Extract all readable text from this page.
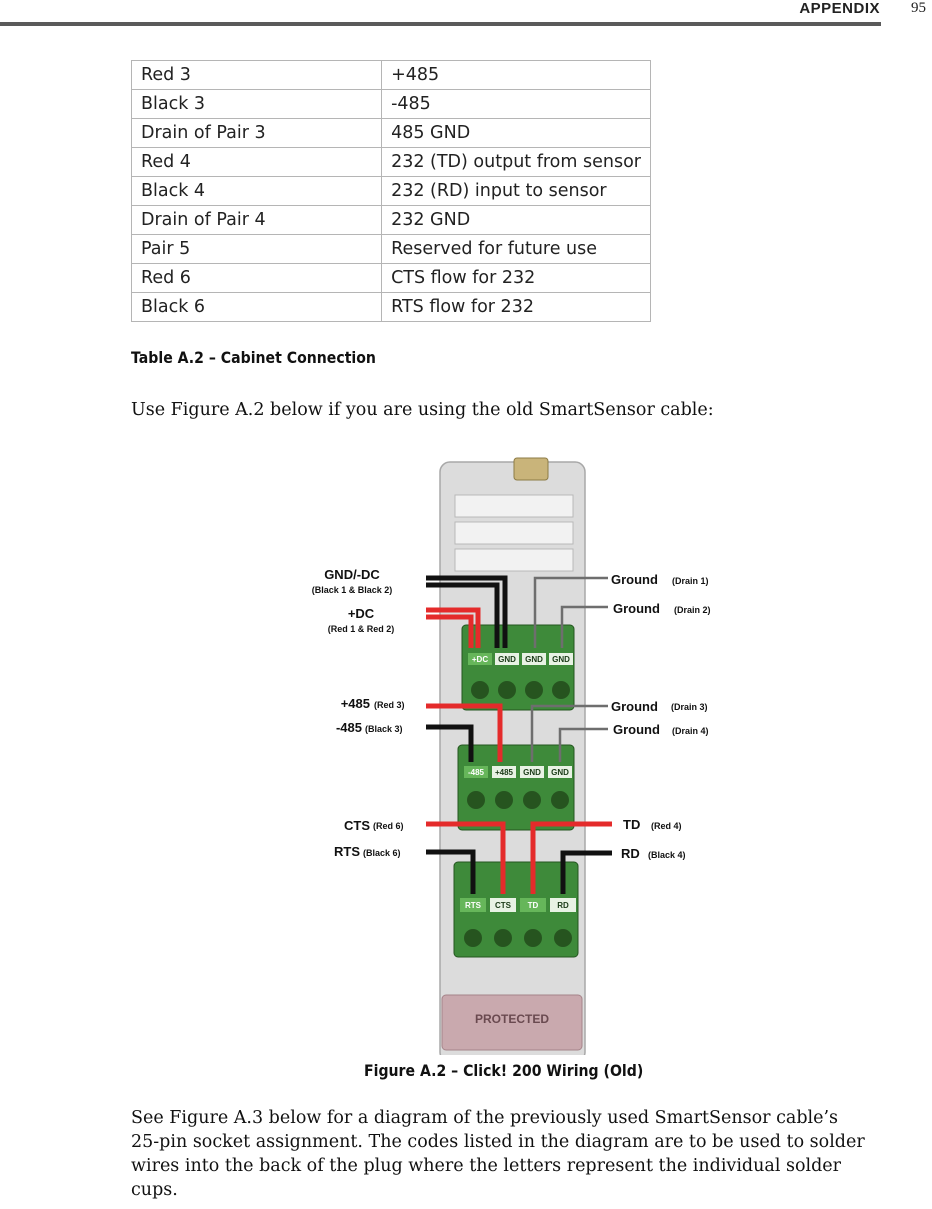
APPENDIX 95
Red 3	+485
Black 3	-485
Drain of Pair 3	485 GND
Red 4	232 (TD) output from sensor
Black 4	232 (RD) input to sensor
Drain of Pair 4	232 GND
Pair 5	Reserved for future use
Red 6	CTS flow for 232
Black 6	RTS flow for 232
Table A.2 – Cabinet Connection
Use Figure A.2 below if you are using the old SmartSensor cable:
+DC GND GND GND
-485 +485 GND GND
RTS CTS TD RD
PROTECTED
GND/-DC
(Black 1 & Black 2)
+DC
(Red 1 & Red 2)
+485 (Red 3)
-485 (Black 3)
CTS (Red 6)
RTS (Black 6)
Ground (Drain 1)
Ground (Drain 2)
Ground (Drain 3)
Ground (Drain 4)
TD (Red 4)
RD (Black 4)
Figure A.2 – Click! 200 Wiring (Old)
See Figure A.3 below for a diagram of the previously used SmartSensor cable’s 25-pin socket assignment. The codes listed in the diagram are to be used to solder wires into the back of the plug where the letters represent the individual solder cups.
